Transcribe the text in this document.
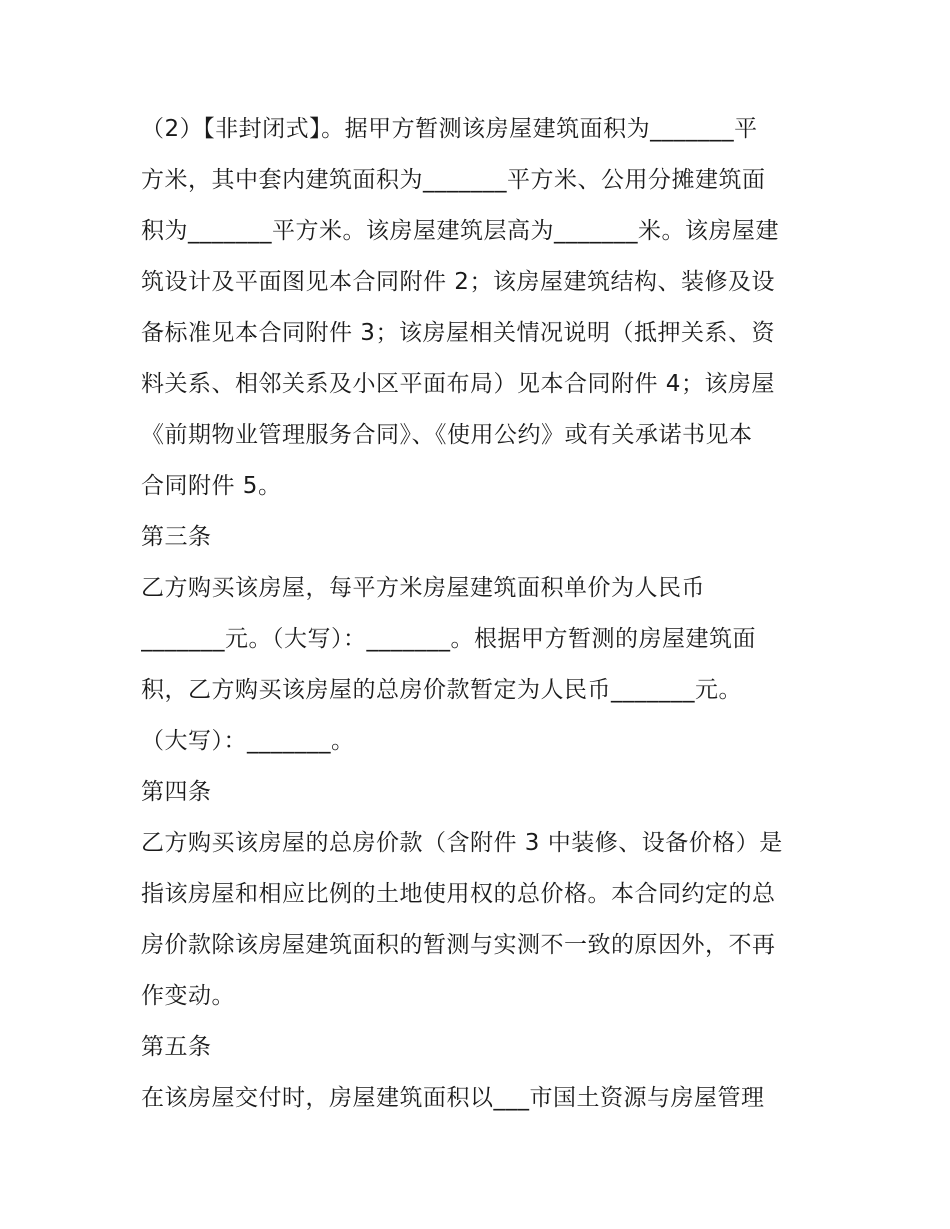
（2）【非封闭式】。据甲方暂测该房屋建筑面积为_______平
方米，其中套内建筑面积为_______平方米、公用分摊建筑面
积为_______平方米。该房屋建筑层高为_______米。该房屋建
筑设计及平面图见本合同附件 2；该房屋建筑结构、装修及设
备标准见本合同附件 3；该房屋相关情况说明（抵押关系、资
料关系、相邻关系及小区平面布局）见本合同附件 4；该房屋
《前期物业管理服务合同》、《使用公约》或有关承诺书见本
合同附件 5。
第三条
乙方购买该房屋，每平方米房屋建筑面积单价为人民币
_______元。（大写）：_______。根据甲方暂测的房屋建筑面
积，乙方购买该房屋的总房价款暂定为人民币_______元。
（大写）：_______。
第四条
乙方购买该房屋的总房价款（含附件 3 中装修、设备价格）是
指该房屋和相应比例的土地使用权的总价格。本合同约定的总
房价款除该房屋建筑面积的暂测与实测不一致的原因外，不再
作变动。
第五条
在该房屋交付时，房屋建筑面积以___市国土资源与房屋管理
